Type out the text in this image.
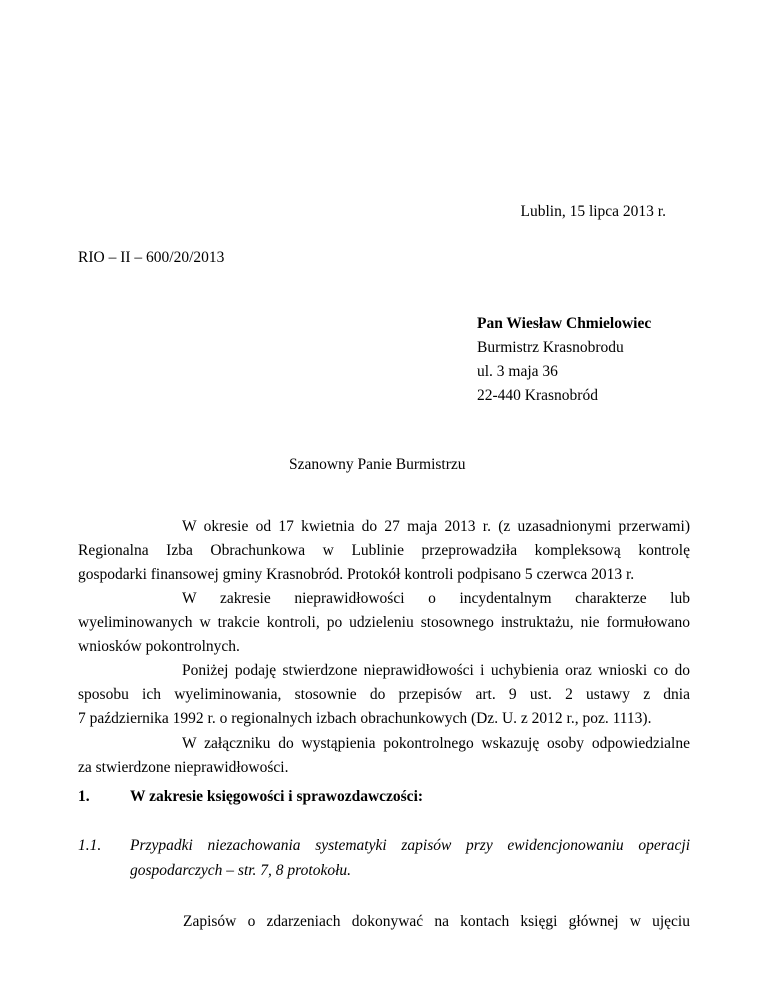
Lublin, 15 lipca 2013 r.
RIO – II – 600/20/2013
Pan Wiesław Chmielowiec
Burmistrz Krasnobrodu
ul. 3 maja 36
22-440 Krasnobród
Szanowny Panie Burmistrzu
W okresie od 17 kwietnia do 27 maja 2013 r. (z uzasadnionymi przerwami)
Regionalna Izba Obrachunkowa w Lublinie przeprowadziła kompleksową kontrolę
gospodarki finansowej gminy Krasnobród. Protokół kontroli podpisano 5 czerwca 2013 r.
W zakresie nieprawidłowości o incydentalnym charakterze lub
wyeliminowanych w trakcie kontroli, po udzieleniu stosownego instruktażu, nie formułowano
wniosków pokontrolnych.
Poniżej podaję stwierdzone nieprawidłowości i uchybienia oraz wnioski co do
sposobu ich wyeliminowania, stosownie do przepisów art. 9 ust. 2 ustawy z dnia
7 października 1992 r. o regionalnych izbach obrachunkowych (Dz. U. z 2012 r., poz. 1113).
W załączniku do wystąpienia pokontrolnego wskazuję osoby odpowiedzialne
za stwierdzone nieprawidłowości.
1.	W zakresie księgowości i sprawozdawczości:
1.1. Przypadki niezachowania systematyki zapisów przy ewidencjonowaniu operacji
gospodarczych – str. 7, 8 protokołu.
Zapisów o zdarzeniach dokonywać na kontach księgi głównej w ujęciu
